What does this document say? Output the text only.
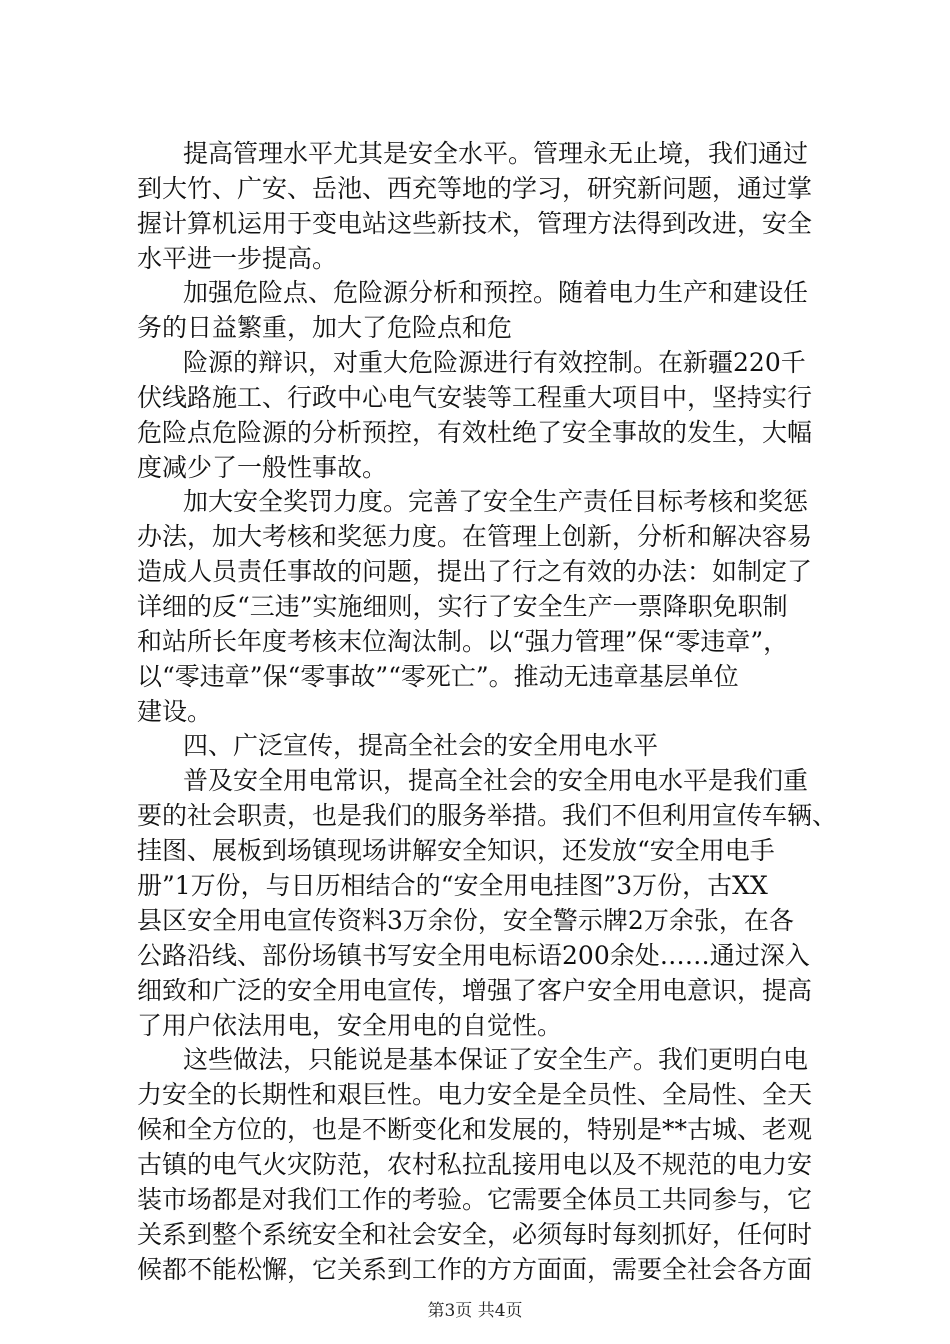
提高管理水平尤其是安全水平。管理永无止境，我们通过
到大竹、广安、岳池、西充等地的学习，研究新问题，通过掌
握计算机运用于变电站这些新技术，管理方法得到改进，安全
水平进一步提高。
加强危险点、危险源分析和预控。随着电力生产和建设任
务的日益繁重，加大了危险点和危
险源的辩识，对重大危险源进行有效控制。在新疆220千
伏线路施工、行政中心电气安装等工程重大项目中，坚持实行
危险点危险源的分析预控，有效杜绝了安全事故的发生，大幅
度减少了一般性事故。
加大安全奖罚力度。完善了安全生产责任目标考核和奖惩
办法，加大考核和奖惩力度。在管理上创新，分析和解决容易
造成人员责任事故的问题，提出了行之有效的办法：如制定了
详细的反“三违”实施细则，实行了安全生产一票降职免职制
和站所长年度考核末位淘汰制。以“强力管理”保“零违章”，
以“零违章”保“零事故”“零死亡”。推动无违章基层单位
建设。
四、广泛宣传，提高全社会的安全用电水平
普及安全用电常识，提高全社会的安全用电水平是我们重
要的社会职责，也是我们的服务举措。我们不但利用宣传车辆、
挂图、展板到场镇现场讲解安全知识，还发放“安全用电手
册”1万份，与日历相结合的“安全用电挂图”3万份，古XX
县区安全用电宣传资料3万余份，安全警示牌2万余张，在各
公路沿线、部份场镇书写安全用电标语200余处……通过深入
细致和广泛的安全用电宣传，增强了客户安全用电意识，提高
了用户依法用电，安全用电的自觉性。
这些做法，只能说是基本保证了安全生产。我们更明白电
力安全的长期性和艰巨性。电力安全是全员性、全局性、全天
候和全方位的，也是不断变化和发展的，特别是**古城、老观
古镇的电气火灾防范，农村私拉乱接用电以及不规范的电力安
装市场都是对我们工作的考验。它需要全体员工共同参与，它
关系到整个系统安全和社会安全，必须每时每刻抓好，任何时
候都不能松懈，它关系到工作的方方面面，需要全社会各方面
第3页 共4页
